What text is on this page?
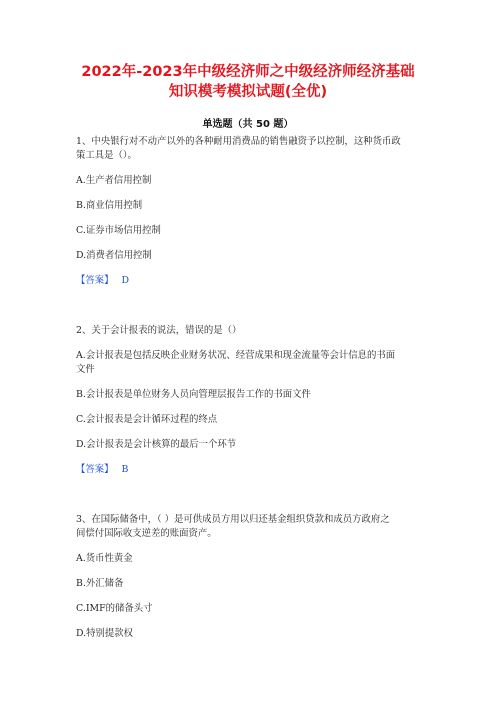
2022年-2023年中级经济师之中级经济师经济基础
知识模考模拟试题(全优)
单选题（共 50 题）
1、中央银行对不动产以外的各种耐用消费品的销售融资予以控制，这种货币政
策工具是（）。
A.生产者信用控制
B.商业信用控制
C.证券市场信用控制
D.消费者信用控制
【答案】 D
2、关于会计报表的说法，错误的是（）
A.会计报表是包括反映企业财务状况、经营成果和现金流量等会计信息的书面
文件
B.会计报表是单位财务人员向管理层报告工作的书面文件
C.会计报表是会计循环过程的终点
D.会计报表是会计核算的最后一个环节
【答案】 B
3、在国际储备中，（ ）是可供成员方用以归还基金组织贷款和成员方政府之
间偿付国际收支逆差的账面资产。
A.货币性黄金
B.外汇储备
C.IMF的储备头寸
D.特别提款权
